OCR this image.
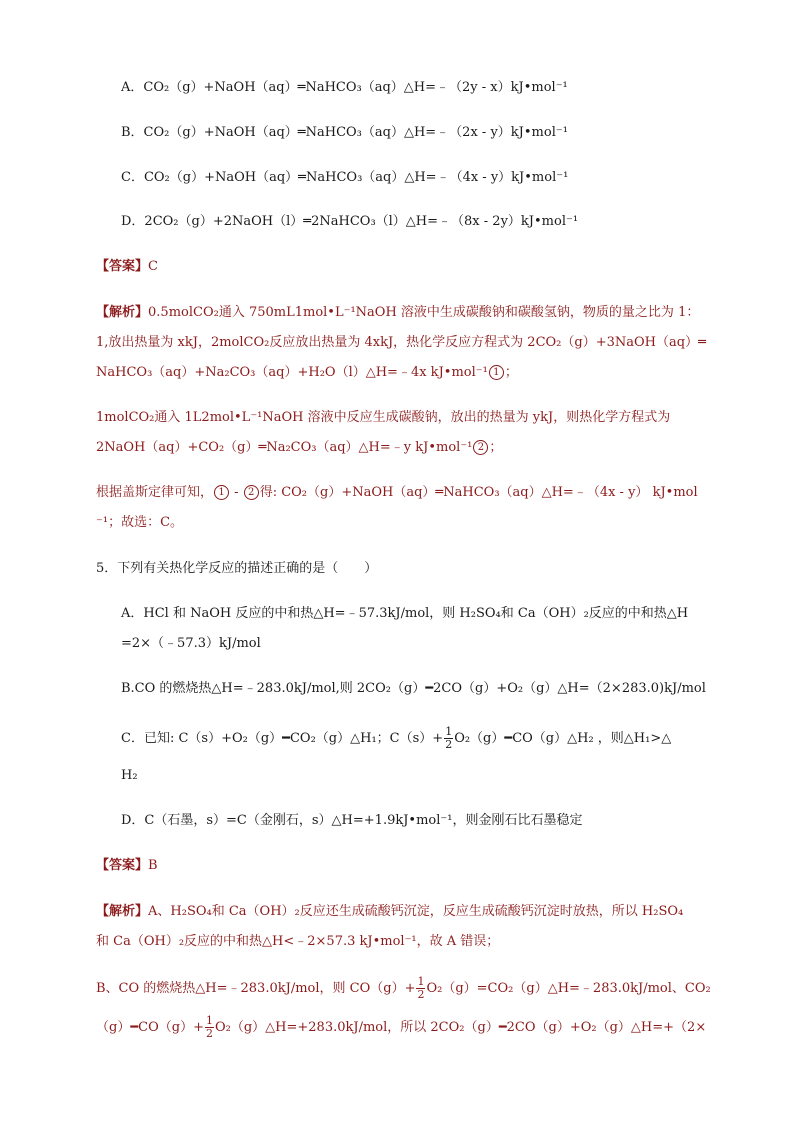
A．CO₂（g）+NaOH（aq）═NaHCO₃（aq）△H=﹣（2y - x）kJ•mol⁻¹
B．CO₂（g）+NaOH（aq）═NaHCO₃（aq）△H=﹣（2x - y）kJ•mol⁻¹
C．CO₂（g）+NaOH（aq）═NaHCO₃（aq）△H=﹣（4x - y）kJ•mol⁻¹
D．2CO₂（g）+2NaOH（l）═2NaHCO₃（l）△H=﹣（8x - 2y）kJ•mol⁻¹
【答案】C
【解析】0.5molCO₂通入 750mL1mol•L⁻¹NaOH 溶液中生成碳酸钠和碳酸氢钠，物质的量之比为 1：
1,放出热量为 xkJ，2molCO₂反应放出热量为 4xkJ，热化学反应方程式为 2CO₂（g）+3NaOH（aq）═
NaHCO₃（aq）+Na₂CO₃（aq）+H₂O（l）△H=﹣4x kJ•mol⁻¹ 1 ；
1molCO₂通入 1L2mol•L⁻¹NaOH 溶液中反应生成碳酸钠，放出的热量为 ykJ，则热化学方程式为
2NaOH（aq）+CO₂（g）═Na₂CO₃（aq）△H=﹣y kJ•mol⁻¹ 2 ；
根据盖斯定律可知， 1 - 2 得: CO₂（g）+NaOH（aq）═NaHCO₃（aq）△H=﹣（4x - y） kJ•mol
⁻¹；故选：C。
5．下列有关热化学反应的描述正确的是（　　）
A．HCl 和 NaOH 反应的中和热△H=﹣57.3kJ/mol，则 H₂SO₄和 Ca（OH）₂反应的中和热△H
=2×（﹣57.3）kJ/mol
B.CO 的燃烧热△H=﹣283.0kJ/mol,则 2CO₂（g）━2CO（g）+O₂（g）△H=（2×283.0)kJ/mol
C．已知: C（s）+O₂（g）━CO₂（g）△H₁；$C(s)+ \frac{1}{2}$ O₂（g）━CO（g）△H₂ ，则△H₁>△
H₂
D．C（石墨，s）=C（金刚石，s）△H=+1.9kJ•mol⁻¹，则金刚石比石墨稳定
【答案】B
【解析】A、H₂SO₄和 Ca（OH）₂反应还生成硫酸钙沉淀，反应生成硫酸钙沉淀时放热，所以 H₂SO₄
和 Ca（OH）₂反应的中和热△H<﹣2×57.3 kJ•mol⁻¹，故 A 错误；
B、CO 的燃烧热△H=﹣283.0kJ/mol，则 $CO(g)+ \frac{1}{2}$ O₂（g）=CO₂（g）△H=﹣283.0kJ/mol、CO₂
（g）━CO（g）+ $\frac{1}{2}$ O₂（g）△H=+283.0kJ/mol，所以 2CO₂（g）━2CO（g）+O₂（g）△H=+（2×
